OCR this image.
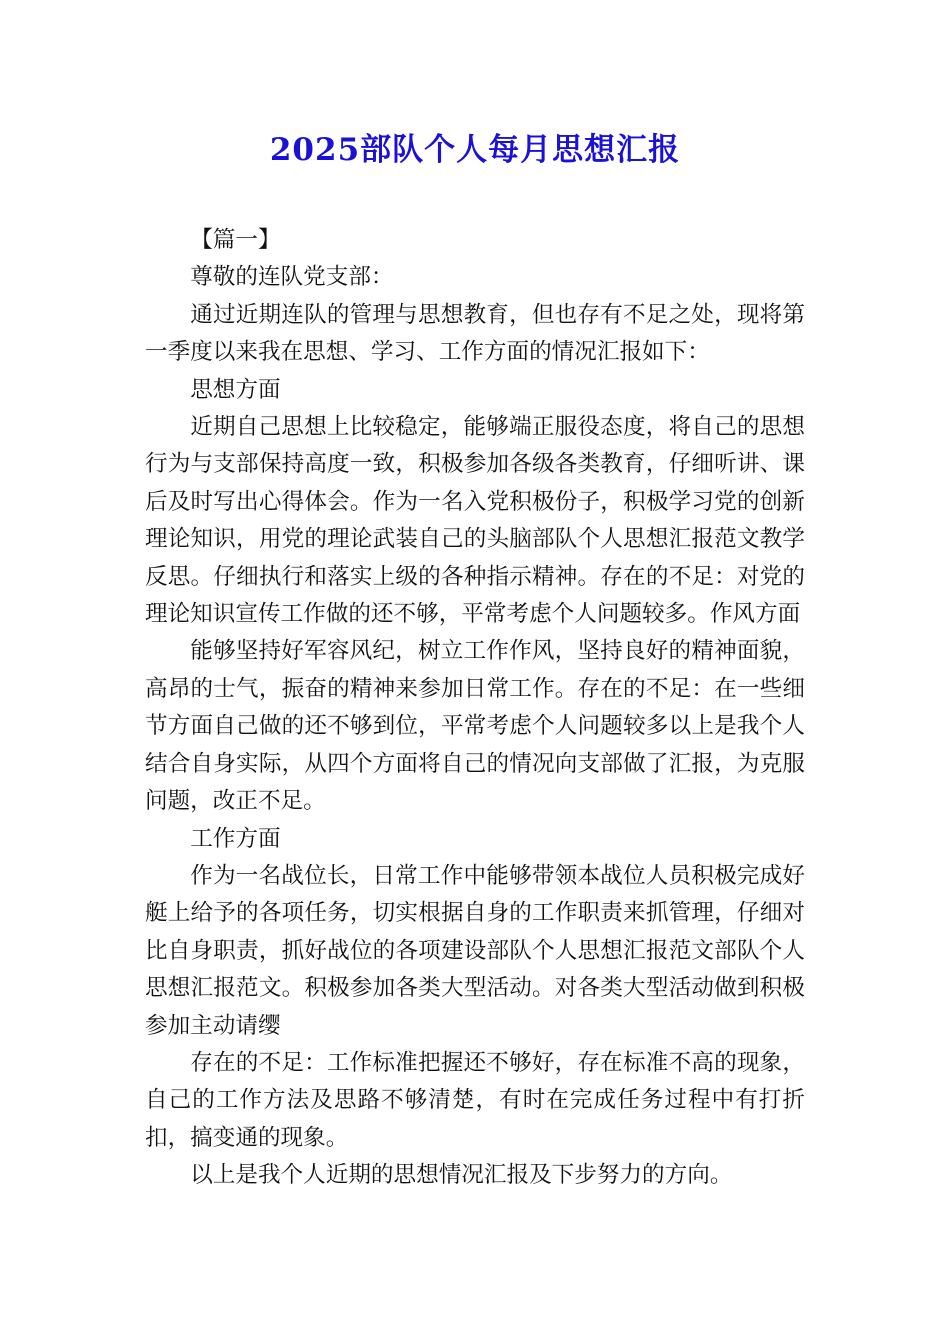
2025部队个人每月思想汇报

【篇一】

尊敬的连队党支部：

通过近期连队的管理与思想教育，但也存有不足之处，现将第一季度以来我在思想、学习、工作方面的情况汇报如下：

思想方面

近期自己思想上比较稳定，能够端正服役态度，将自己的思想行为与支部保持高度一致，积极参加各级各类教育，仔细听讲、课后及时写出心得体会。作为一名入党积极份子，积极学习党的创新理论知识，用党的理论武装自己的头脑部队个人思想汇报范文教学反思。仔细执行和落实上级的各种指示精神。存在的不足：对党的理论知识宣传工作做的还不够，平常考虑个人问题较多。作风方面

能够坚持好军容风纪，树立工作作风，坚持良好的精神面貌，高昂的士气，振奋的精神来参加日常工作。存在的不足：在一些细节方面自己做的还不够到位，平常考虑个人问题较多以上是我个人结合自身实际，从四个方面将自己的情况向支部做了汇报，为克服问题，改正不足。

工作方面

作为一名战位长，日常工作中能够带领本战位人员积极完成好艇上给予的各项任务，切实根据自身的工作职责来抓管理，仔细对比自身职责，抓好战位的各项建设部队个人思想汇报范文部队个人思想汇报范文。积极参加各类大型活动。对各类大型活动做到积极参加主动请缨

存在的不足：工作标准把握还不够好，存在标准不高的现象，自己的工作方法及思路不够清楚，有时在完成任务过程中有打折扣，搞变通的现象。

以上是我个人近期的思想情况汇报及下步努力的方向。
